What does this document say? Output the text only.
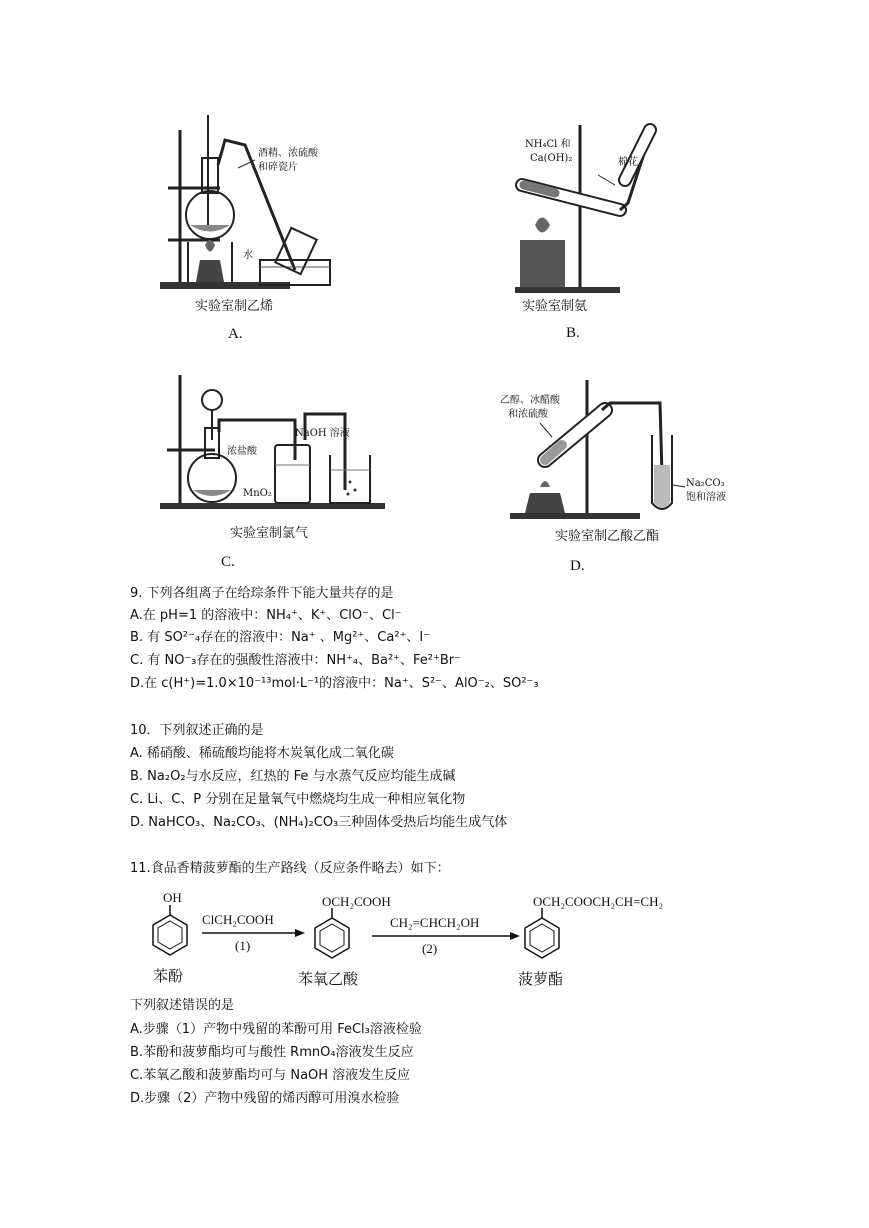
酒精、浓硫酸
和碎瓷片
水
实验室制乙烯
A.
NH₄Cl 和
Ca(OH)₂	棉花
实验室制氨
B.
浓盐酸
MnO₂
NaOH 溶液
实验室制氯气
C.
乙醇、冰醋酸
和浓硫酸
Na₂CO₃
饱和溶液
实验室制乙酸乙酯
D.
9. 下列各组离子在给琮条件下能大量共存的是
A.在 pH=1 的溶液中：NH₄⁺、K⁺、ClO⁻、Cl⁻
B. 有 SO²⁻₄存在的溶液中：Na⁺ 、Mg²⁺、Ca²⁺、I⁻
C. 有 NO⁻₃存在的强酸性溶液中：NH⁺₄、Ba²⁺、Fe²⁺Br⁻
D.在 c(H⁺)=1.0×10⁻¹³mol·L⁻¹的溶液中：Na⁺、S²⁻、AlO⁻₂、SO²⁻₃
10．下列叙述正确的是
A. 稀硝酸、稀硫酸均能将木炭氧化成二氧化碳
B. Na₂O₂与水反应，红热的 Fe 与水蒸气反应均能生成碱
C. Li、C、P 分别在足量氧气中燃烧均生成一种相应氧化物
D. NaHCO₃、Na₂CO₃、(NH₄)₂CO₃三种固体受热后均能生成气体
11.食品香精菠萝酯的生产路线（反应条件略去）如下：
OH
ClCH₂COOH
(1)
OCH₂COOH
CH₂=CHCH₂OH
(2)
OCH₂COOCH₂CH=CH₂
苯酚	苯氧乙酸	菠萝酯
下列叙述错误的是
A.步骤（1）产物中残留的苯酚可用 FeCl₃溶液检验
B.苯酚和菠萝酯均可与酸性 RmnO₄溶液发生反应
C.苯氧乙酸和菠萝酯均可与 NaOH 溶液发生反应
D.步骤（2）产物中残留的烯丙醇可用溴水检验
